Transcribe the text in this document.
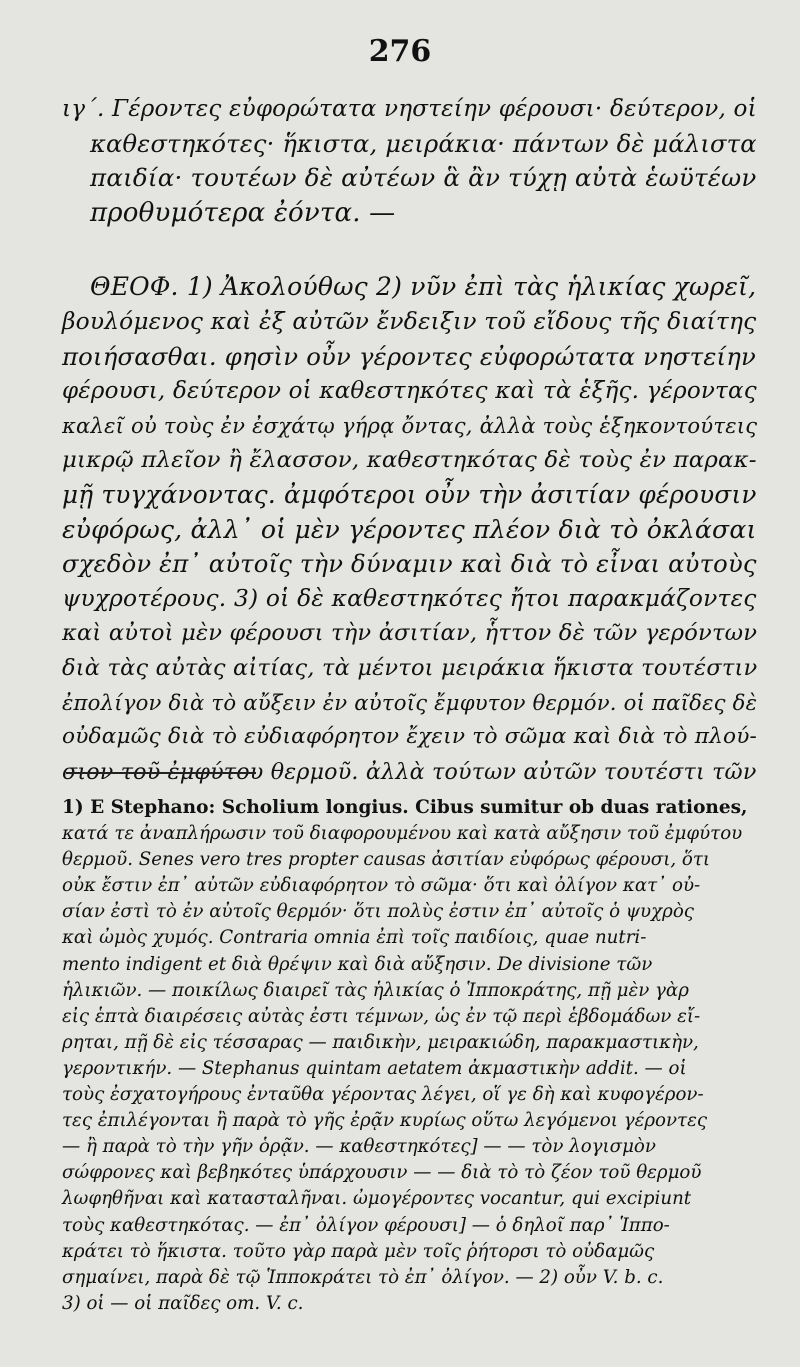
276
ιγ΄. Γέροντες εὐφορώτατα νηστείην φέρουσι· δεύτερον, οἱ
καθεστηκότες· ἥκιστα, μειράκια· πάντων δὲ μάλιστα
παιδία· τουτέων δὲ αὐτέων ἃ ἂν τύχῃ αὐτὰ ἑωϋτέων
προθυμότερα ἐόντα. —
ΘΕΟΦ. 1) Ἀκολούθως 2) νῦν ἐπὶ τὰς ἡλικίας χωρεῖ,
βουλόμενος καὶ ἐξ αὐτῶν ἔνδειξιν τοῦ εἴδους τῆς διαίτης
ποιήσασθαι. φησὶν οὖν γέροντες εὐφορώτατα νηστείην
φέρουσι, δεύτερον οἱ καθεστηκότες καὶ τὰ ἑξῆς. γέροντας
καλεῖ οὐ τοὺς ἐν ἐσχάτῳ γήρᾳ ὄντας, ἀλλὰ τοὺς ἑξηκοντούτεις
μικρῷ πλεῖον ἢ ἔλασσον, καθεστηκότας δὲ τοὺς ἐν παρακ-
μῇ τυγχάνοντας. ἀμφότεροι οὖν τὴν ἀσιτίαν φέρουσιν
εὐφόρως, ἀλλ᾿ οἱ μὲν γέροντες πλέον διὰ τὸ ὀκλάσαι
σχεδὸν ἐπ᾿ αὐτοῖς τὴν δύναμιν καὶ διὰ τὸ εἶναι αὐτοὺς
ψυχροτέρους. 3) οἱ δὲ καθεστηκότες ἤτοι παρακμάζοντες
καὶ αὐτοὶ μὲν φέρουσι τὴν ἀσιτίαν, ἧττον δὲ τῶν γερόντων
διὰ τὰς αὐτὰς αἰτίας, τὰ μέντοι μειράκια ἥκιστα τουτέστιν
ἐπολίγον διὰ τὸ αὔξειν ἐν αὐτοῖς ἔμφυτον θερμόν. οἱ παῖδες δὲ
οὐδαμῶς διὰ τὸ εὐδιαφόρητον ἔχειν τὸ σῶμα καὶ διὰ τὸ πλού-
σιον τοῦ ἐμφύτου θερμοῦ. ἀλλὰ τούτων αὐτῶν τουτέστι τῶν
1) E Stephano: Scholium longius. Cibus sumitur ob duas rationes,
κατά τε ἀναπλήρωσιν τοῦ διαφορουμένου καὶ κατὰ αὔξησιν τοῦ ἐμφύτου
θερμοῦ. Senes vero tres propter causas ἀσιτίαν εὐφόρως φέρουσι, ὅτι
οὐκ ἔστιν ἐπ᾿ αὐτῶν εὐδιαφόρητον τὸ σῶμα· ὅτι καὶ ὀλίγον κατ᾿ οὐ-
σίαν ἐστὶ τὸ ἐν αὐτοῖς θερμόν· ὅτι πολὺς ἐστιν ἐπ᾿ αὐτοῖς ὁ ψυχρὸς
καὶ ὠμὸς χυμός. Contraria omnia ἐπὶ τοῖς παιδίοις, quae nutri-
mento indigent et διὰ θρέψιν καὶ διὰ αὔξησιν. De divisione τῶν
ἡλικιῶν. — ποικίλως διαιρεῖ τὰς ἡλικίας ὁ Ἱπποκράτης, πῇ μὲν γὰρ
εἰς ἑπτὰ διαιρέσεις αὐτὰς ἐστι τέμνων, ὡς ἐν τῷ περὶ ἑβδομάδων εἴ-
ρηται, πῇ δὲ εἰς τέσσαρας — παιδικὴν, μειρακιώδη, παρακμαστικὴν,
γεροντικήν. — Stephanus quintam aetatem ἀκμαστικὴν addit. — οἱ
τοὺς ἐσχατογήρους ἐνταῦθα γέροντας λέγει, οἵ γε δὴ καὶ κυφογέρον-
τες ἐπιλέγονται ἢ παρὰ τὸ γῆς ἐρᾷν κυρίως οὕτω λεγόμενοι γέροντες
— ἢ παρὰ τὸ τὴν γῆν ὁρᾷν. — καθεστηκότες] — — τὸν λογισμὸν
σώφρονες καὶ βεβηκότες ὑπάρχουσιν — — διὰ τὸ τὸ ζέον τοῦ θερμοῦ
λωφηθῆναι καὶ κατασταλῆναι. ὠμογέροντες vocantur, qui excipiunt
τοὺς καθεστηκότας. — ἐπ᾿ ὀλίγον φέρουσι] — ὁ δηλοῖ παρ᾿ Ἱππο-
κράτει τὸ ἥκιστα. τοῦτο γὰρ παρὰ μὲν τοῖς ῥήτορσι τὸ οὐδαμῶς
σημαίνει, παρὰ δὲ τῷ Ἱπποκράτει τὸ ἐπ᾿ ὀλίγον. — 2) οὖν V. b. c.
3) οἱ — οἱ παῖδες om. V. c.
